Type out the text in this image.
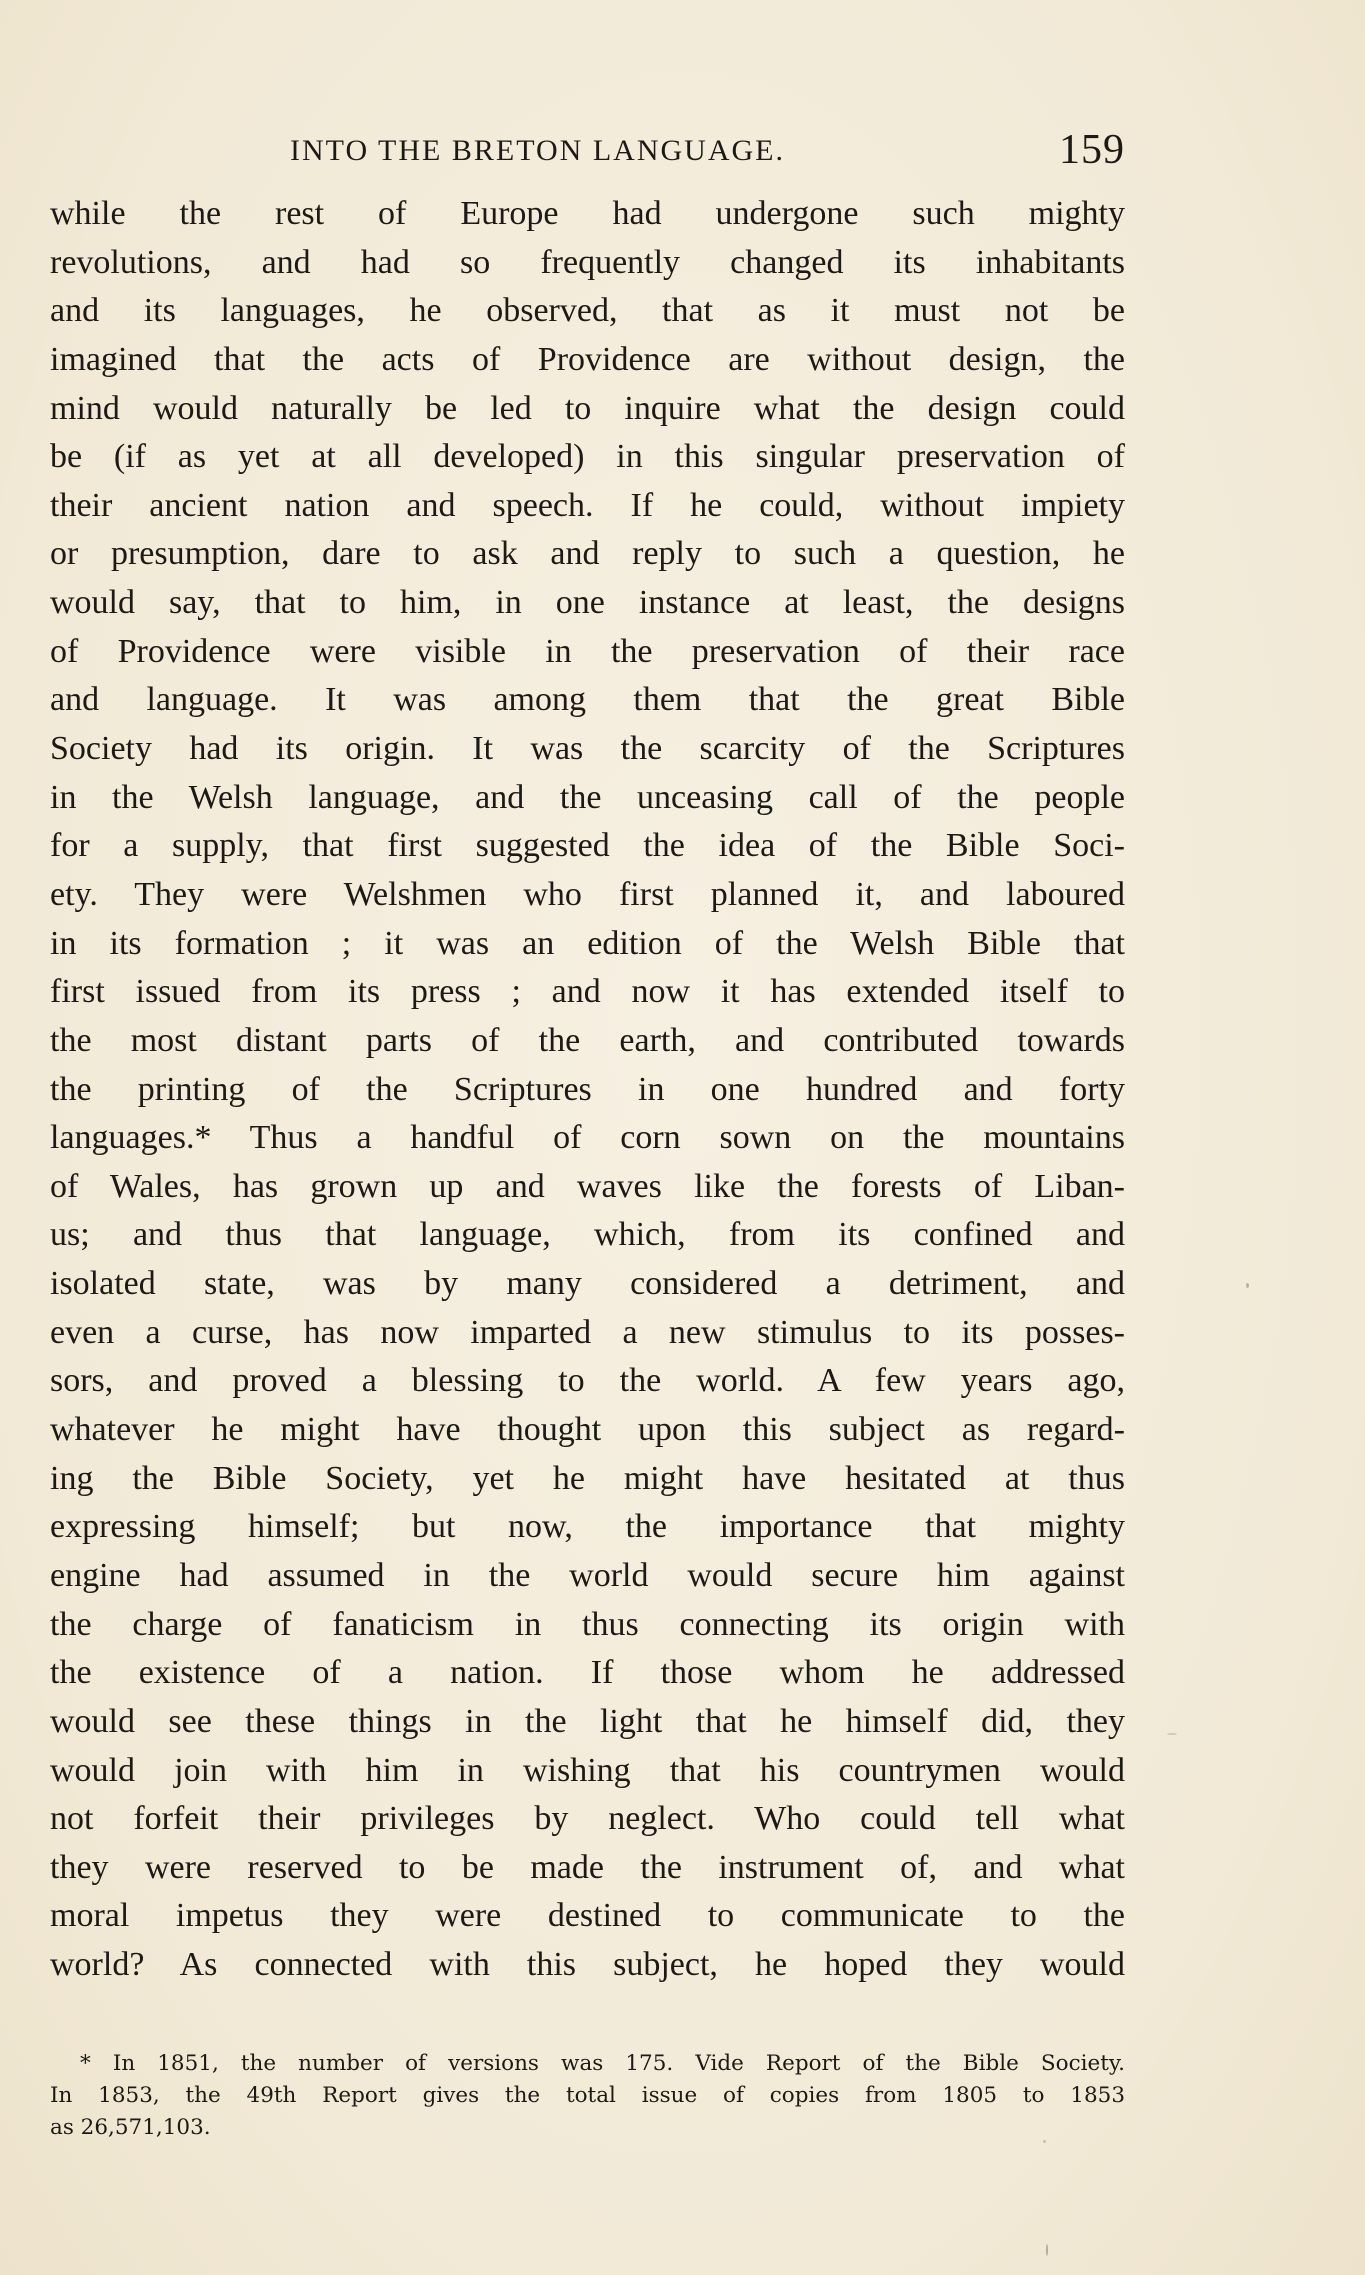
INTO THE BRETON LANGUAGE.	159
while the rest of Europe had undergone such mighty
revolutions, and had so frequently changed its inhabitants
and its languages, he observed, that as it must not be
imagined that the acts of Providence are without design, the
mind would naturally be led to inquire what the design could
be (if as yet at all developed) in this singular preservation of
their ancient nation and speech. If he could, without impiety
or presumption, dare to ask and reply to such a question, he
would say, that to him, in one instance at least, the designs
of Providence were visible in the preservation of their race
and language. It was among them that the great Bible
Society had its origin. It was the scarcity of the Scriptures
in the Welsh language, and the unceasing call of the people
for a supply, that first suggested the idea of the Bible Soci-
ety. They were Welshmen who first planned it, and laboured
in its formation ; it was an edition of the Welsh Bible that
first issued from its press ; and now it has extended itself to
the most distant parts of the earth, and contributed towards
the printing of the Scriptures in one hundred and forty
languages.* Thus a handful of corn sown on the mountains
of Wales, has grown up and waves like the forests of Liban-
us; and thus that language, which, from its confined and
isolated state, was by many considered a detriment, and
even a curse, has now imparted a new stimulus to its posses-
sors, and proved a blessing to the world. A few years ago,
whatever he might have thought upon this subject as regard-
ing the Bible Society, yet he might have hesitated at thus
expressing himself; but now, the importance that mighty
engine had assumed in the world would secure him against
the charge of fanaticism in thus connecting its origin with
the existence of a nation. If those whom he addressed
would see these things in the light that he himself did, they
would join with him in wishing that his countrymen would
not forfeit their privileges by neglect. Who could tell what
they were reserved to be made the instrument of, and what
moral impetus they were destined to communicate to the
world? As connected with this subject, he hoped they would
* In 1851, the number of versions was 175. Vide Report of the Bible Society.
In 1853, the 49th Report gives the total issue of copies from 1805 to 1853
as 26,571,103.
